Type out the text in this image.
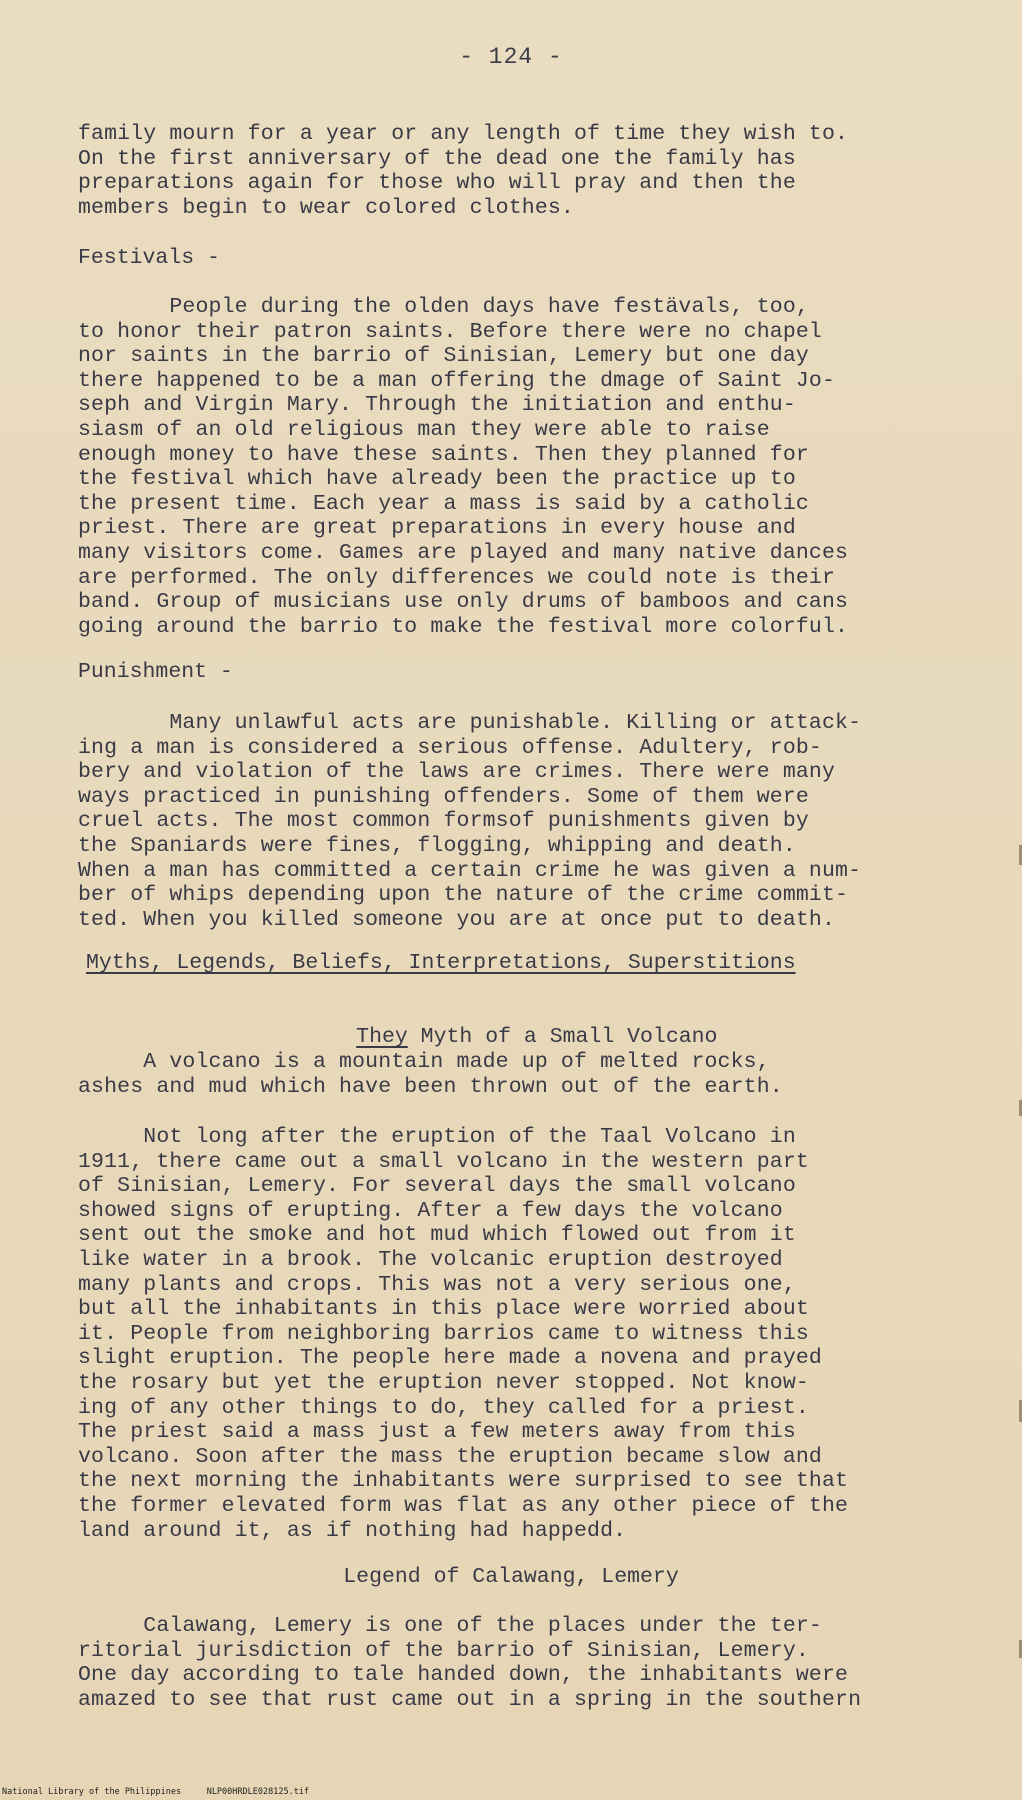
- 124 -
family mourn for a year or any length of time they wish to.
On the first anniversary of the dead one the family has
preparations again for those who will pray and then the
members begin to wear colored clothes.
Festivals -
People during the olden days have festävals, too,
to honor their patron saints. Before there were no chapel
nor saints in the barrio of Sinisian, Lemery but one day
there happened to be a man offering the dmage of Saint Jo-
seph and Virgin Mary. Through the initiation and enthu-
siasm of an old religious man they were able to raise
enough money to have these saints. Then they planned for
the festival which have already been the practice up to
the present time. Each year a mass is said by a catholic
priest. There are great preparations in every house and
many visitors come. Games are played and many native dances
are performed. The only differences we could note is their
band. Group of musicians use only drums of bamboos and cans
going around the barrio to make the festival more colorful.
Punishment -
Many unlawful acts are punishable. Killing or attack-
ing a man is considered a serious offense. Adultery, rob-
bery and violation of the laws are crimes. There were many
ways practiced in punishing offenders. Some of them were
cruel acts. The most common formsof punishments given by
the Spaniards were fines, flogging, whipping and death.
When a man has committed a certain crime he was given a num-
ber of whips depending upon the nature of the crime commit-
ted. When you killed someone you are at once put to death.
Myths, Legends, Beliefs, Interpretations, Superstitions

They Myth of a Small Volcano

A volcano is a mountain made up of melted rocks,
ashes and mud which have been thrown out of the earth.
Not long after the eruption of the Taal Volcano in
1911, there came out a small volcano in the western part
of Sinisian, Lemery. For several days the small volcano
showed signs of erupting. After a few days the volcano
sent out the smoke and hot mud which flowed out from it
like water in a brook. The volcanic eruption destroyed
many plants and crops. This was not a very serious one,
but all the inhabitants in this place were worried about
it. People from neighboring barrios came to witness this
slight eruption. The people here made a novena and prayed
the rosary but yet the eruption never stopped. Not know-
ing of any other things to do, they called for a priest.
The priest said a mass just a few meters away from this
volcano. Soon after the mass the eruption became slow and
the next morning the inhabitants were surprised to see that
the former elevated form was flat as any other piece of the
land around it, as if nothing had happedd.
Legend of Calawang, Lemery
Calawang, Lemery is one of the places under the ter-
ritorial jurisdiction of the barrio of Sinisian, Lemery.
One day according to tale handed down, the inhabitants were
amazed to see that rust came out in a spring in the southern
National Library of the Philippines     NLP00HRDLE028125.tif
